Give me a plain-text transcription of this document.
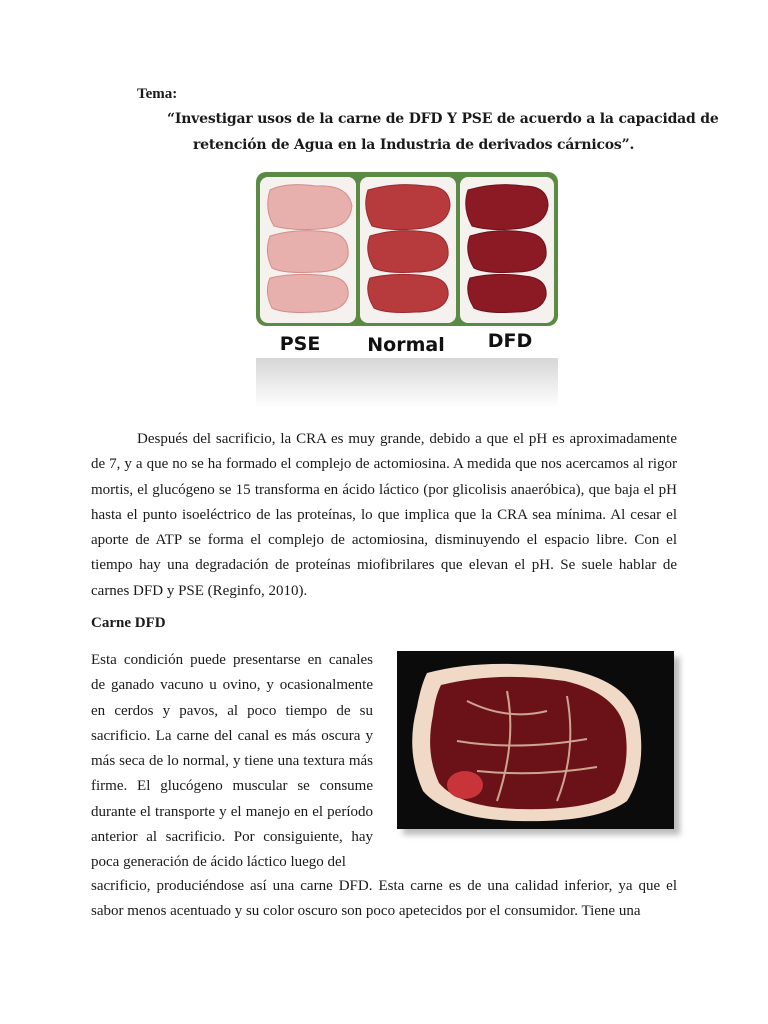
Tema:
“Investigar usos de la carne de DFD Y PSE de acuerdo a la capacidad de
retención de Agua en la Industria de derivados cárnicos”.
PSE Normal DFD
Después del sacrificio, la CRA es muy grande, debido a que el pH es aproximadamente de 7, y a que no se ha formado el complejo de actomiosina. A medida que nos acercamos al rigor mortis, el glucógeno se 15 transforma en ácido láctico (por glicolisis anaeróbica), que baja el pH hasta el punto isoeléctrico de las proteínas, lo que implica que la CRA sea mínima. Al cesar el aporte de ATP se forma el complejo de actomiosina, disminuyendo el espacio libre. Con el tiempo hay una degradación de proteínas miofibrilares que elevan el pH. Se suele hablar de carnes DFD y PSE (Reginfo, 2010).
Carne DFD
Esta condición puede presentarse en canales de ganado vacuno u ovino, y ocasionalmente en cerdos y pavos, al poco tiempo de su sacrificio. La carne del canal es más oscura y más seca de lo normal, y tiene una textura más firme. El glucógeno muscular se consume durante el transporte y el manejo en el período anterior al sacrificio. Por consiguiente, hay poca generación de ácido láctico luego del
sacrificio, produciéndose así una carne DFD. Esta carne es de una calidad inferior, ya que el sabor menos acentuado y su color oscuro son poco apetecidos por el consumidor. Tiene una
